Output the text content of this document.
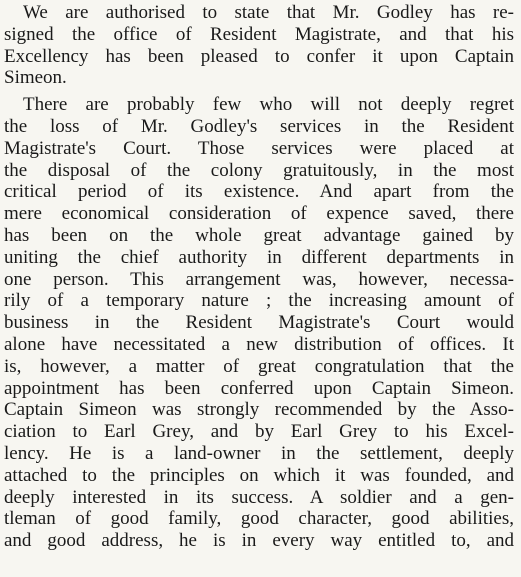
We are authorised to state that Mr. Godley has re-
signed the office of Resident Magistrate, and that his
Excellency has been pleased to confer it upon Captain
Simeon.
There are probably few who will not deeply regret
the loss of Mr. Godley's services in the Resident
Magistrate's Court. Those services were placed at
the disposal of the colony gratuitously, in the most
critical period of its existence. And apart from the
mere economical consideration of expence saved, there
has been on the whole great advantage gained by
uniting the chief authority in different departments in
one person. This arrangement was, however, necessa-
rily of a temporary nature ; the increasing amount of
business in the Resident Magistrate's Court would
alone have necessitated a new distribution of offices. It
is, however, a matter of great congratulation that the
appointment has been conferred upon Captain Simeon.
Captain Simeon was strongly recommended by the Asso-
ciation to Earl Grey, and by Earl Grey to his Excel-
lency. He is a land-owner in the settlement, deeply
attached to the principles on which it was founded, and
deeply interested in its success. A soldier and a gen-
tleman of good family, good character, good abilities,
and good address, he is in every way entitled to, and
